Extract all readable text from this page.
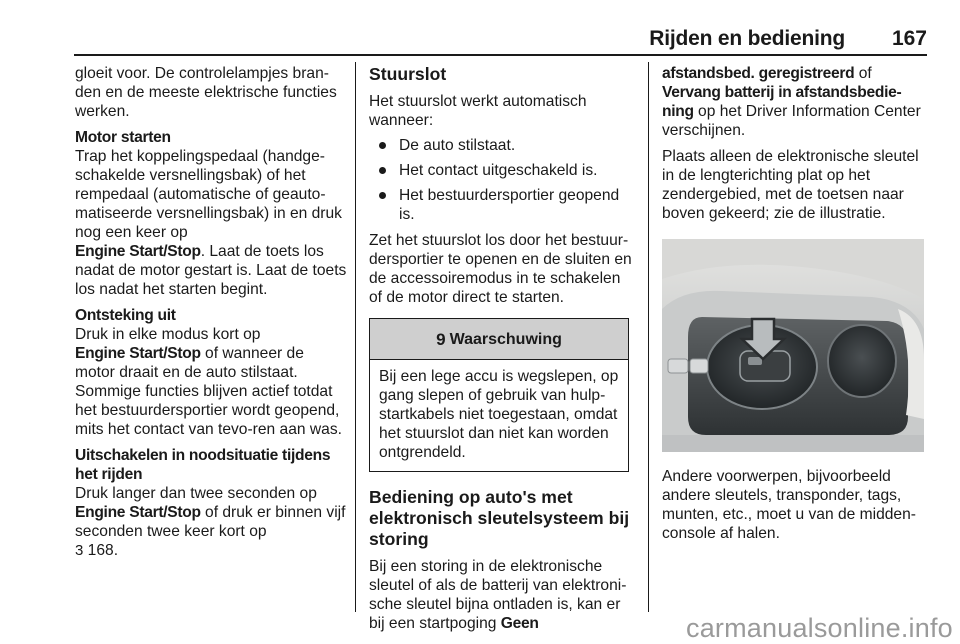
Rijden en bediening 167

gloeit voor. De controlelampjes bran-den en de meeste elektrische functies werken.

Motor starten

Trap het koppelingspedaal (handge-schakelde versnellingsbak) of het rempedaal (automatische of geauto-matiseerde versnellingsbak) in en druk nog een keer op
Engine Start/Stop. Laat de toets los nadat de motor gestart is. Laat de toets los nadat het starten begint.

Ontsteking uit

Druk in elke modus kort op
Engine Start/Stop of wanneer de motor draait en de auto stilstaat. Sommige functies blijven actief totdat het bestuurdersportier wordt geopend, mits het contact van tevo-ren aan was.

Uitschakelen in noodsituatie tijdens het rijden

Druk langer dan twee seconden op
Engine Start/Stop of druk er binnen vijf seconden twee keer kort op
3 168.

Stuurslot

Het stuurslot werkt automatisch wanneer:

De auto stilstaat.
Het contact uitgeschakeld is.
Het bestuurdersportier geopend is.

Zet het stuurslot los door het bestuur-dersportier te openen en de sluiten en de accessoiremodus in te schakelen of de motor direct te starten.

9 Waarschuwing
Bij een lege accu is wegslepen, op gang slepen of gebruik van hulp-startkabels niet toegestaan, omdat het stuurslot dan niet kan worden ontgrendeld.

Bediening op auto's met elektronisch sleutelsysteem bij storing

Bij een storing in de elektronische sleutel of als de batterij van elektroni-sche sleutel bijna ontladen is, kan er bij een startpoging Geen

afstandsbed. geregistreerd of
Vervang batterij in afstandsbedie-ning op het Driver Information Center verschijnen.

Plaats alleen de elektronische sleutel in de lengterichting plat op het zendergebied, met de toetsen naar boven gekeerd; zie de illustratie.

Andere voorwerpen, bijvoorbeeld andere sleutels, transponder, tags, munten, etc., moet u van de midden-console af halen.

carmanualsonline.info
